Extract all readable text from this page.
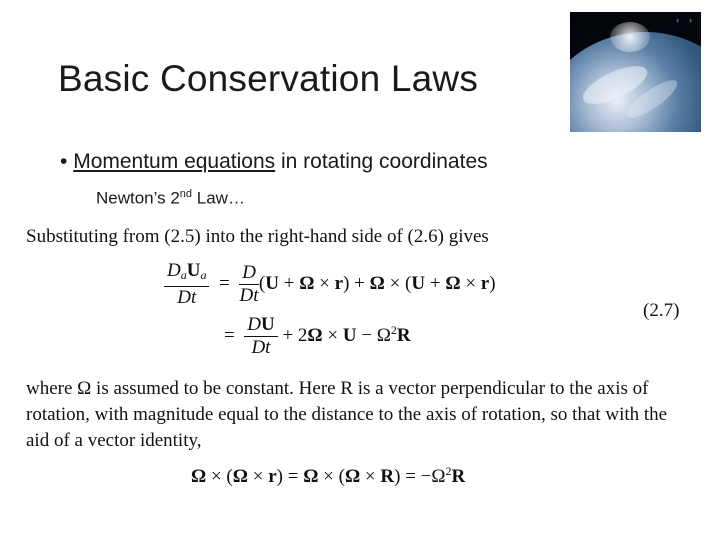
Basic Conservation Laws
‹ ›
• Momentum equations in rotating coordinates
Newton’s 2nd Law…
Substituting from (2.5) into the right-hand side of (2.6) gives
$\frac{\text{DaUa}}{Dt} = \frac{D}{Dt} (U + \Omega \times r) + \Omega \times (U + \Omega \times r)$
= $\frac{DU}{Dt} + 2\Omega \times U - \Omega^2R$
(2.7)
where Ω is assumed to be constant. Here R is a vector perpendicular to the axis of rotation, with magnitude equal to the distance to the axis of rotation, so that with the aid of a vector identity,
$\Omega \times (\Omega \times r) = \Omega \times (\Omega \times R) = -\Omega^2R$
